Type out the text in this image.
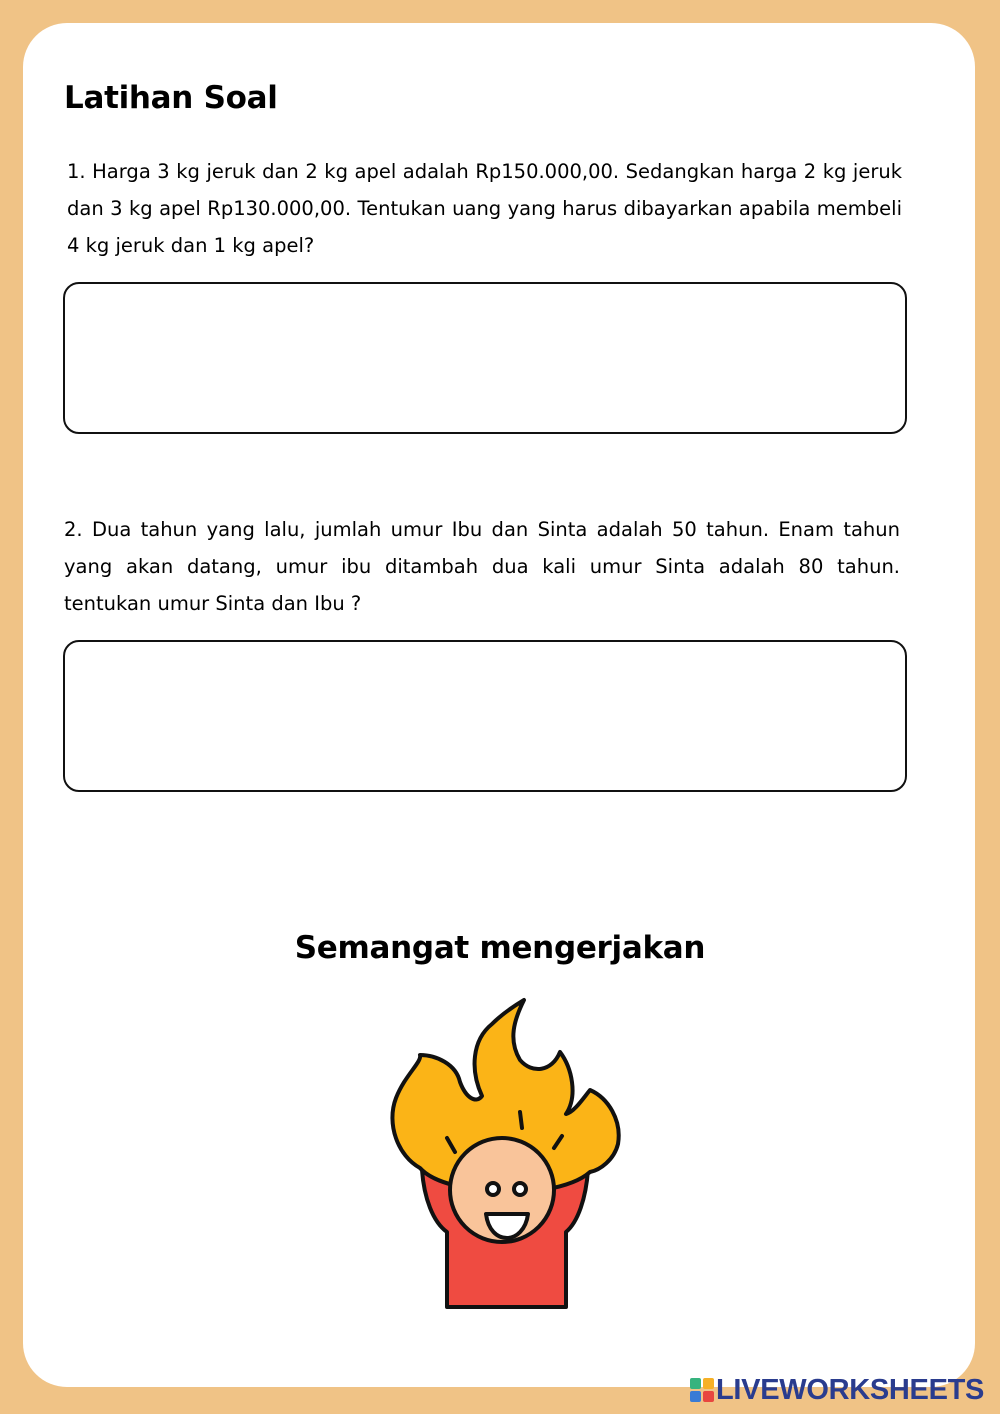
Latihan Soal

1. Harga 3 kg jeruk dan 2 kg apel adalah Rp150.000,00. Sedangkan harga 2 kg jeruk dan 3 kg apel Rp130.000,00. Tentukan uang yang harus dibayarkan apabila membeli 4 kg jeruk dan 1 kg apel?

2. Dua tahun yang lalu, jumlah umur Ibu dan Sinta adalah 50 tahun. Enam tahun yang akan datang, umur ibu ditambah dua kali umur Sinta adalah 80 tahun. tentukan umur Sinta dan Ibu ?

Semangat mengerjakan
LIVEWORKSHEETS
